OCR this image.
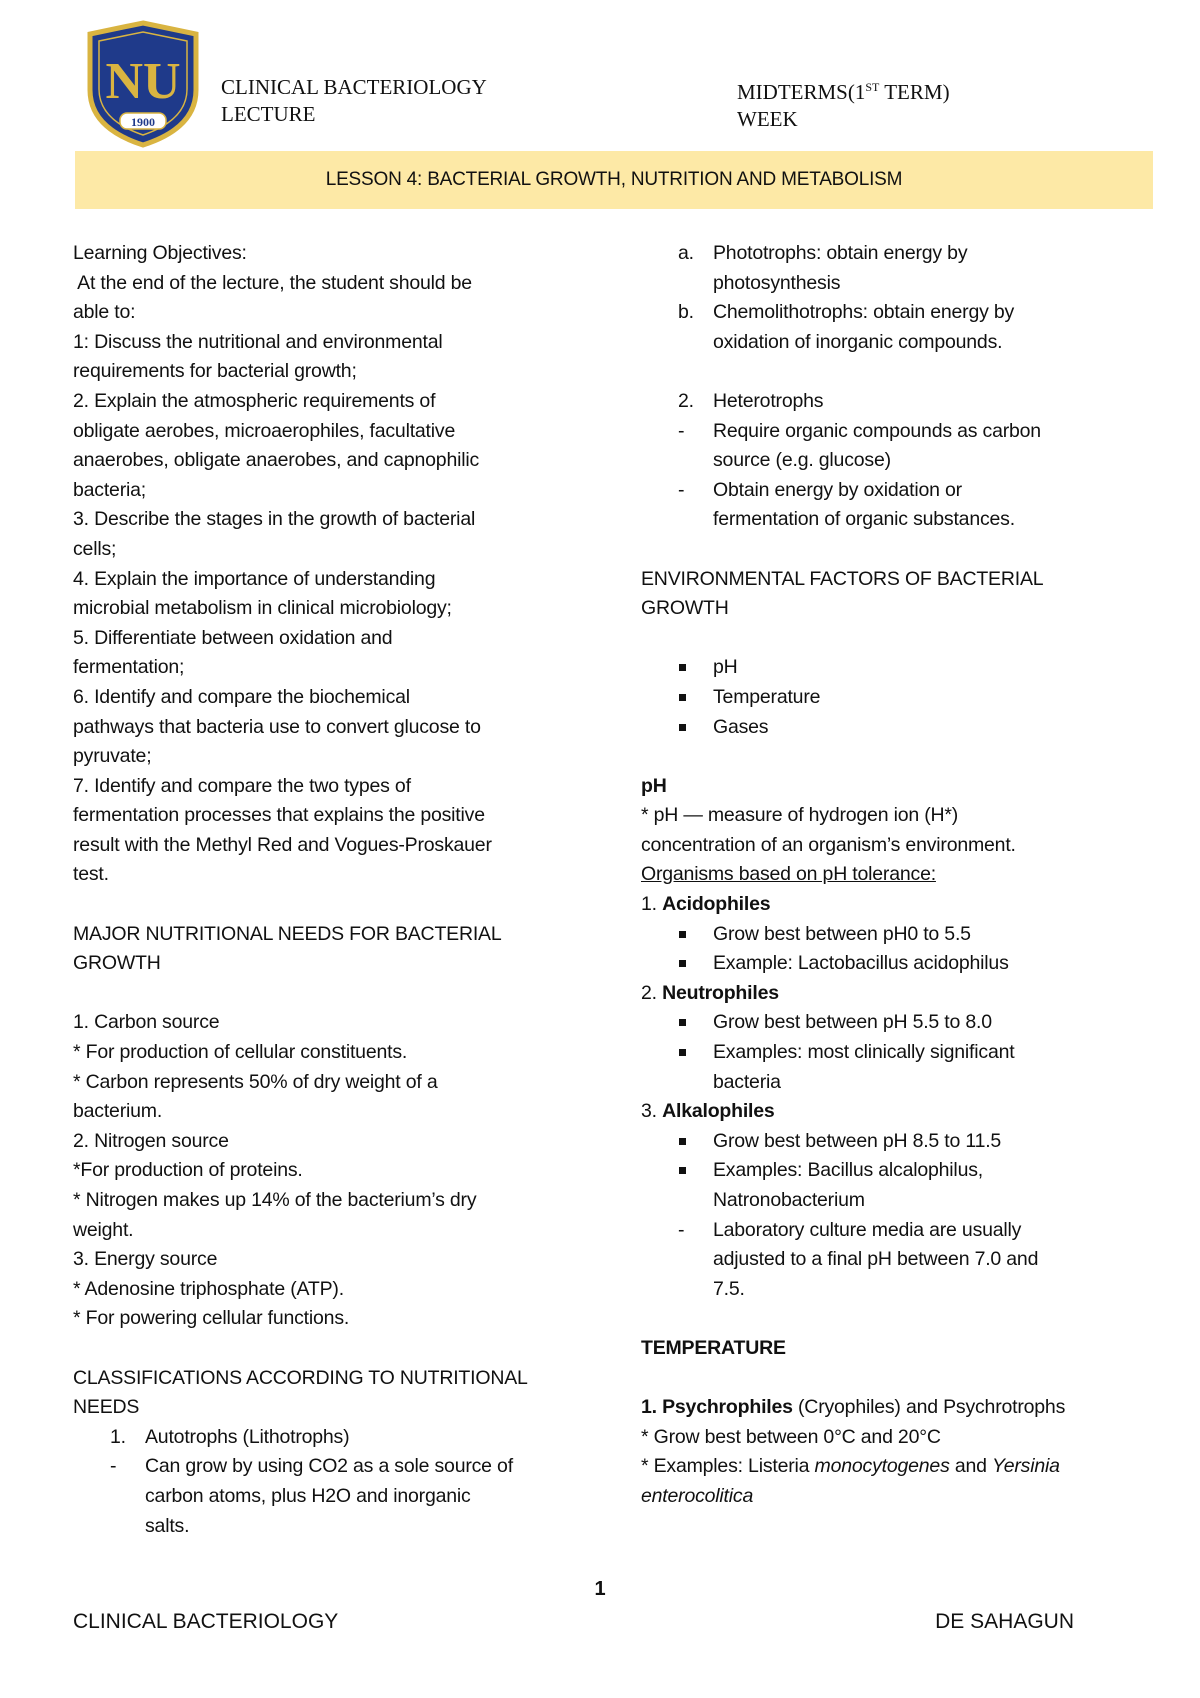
NU
1900
CLINICAL BACTERIOLOGY
LECTURE
MIDTERMS(1ST TERM)
WEEK
LESSON 4: BACTERIAL GROWTH, NUTRITION AND METABOLISM

Learning Objectives:

At the end of the lecture, the student should be

able to:

1: Discuss the nutritional and environmental

requirements for bacterial growth;

2. Explain the atmospheric requirements of

obligate aerobes, microaerophiles, facultative

anaerobes, obligate anaerobes, and capnophilic

bacteria;

3. Describe the stages in the growth of bacterial

cells;

4. Explain the importance of understanding

microbial metabolism in clinical microbiology;

5. Differentiate between oxidation and

fermentation;

6. Identify and compare the biochemical

pathways that bacteria use to convert glucose to

pyruvate;

7. Identify and compare the two types of

fermentation processes that explains the positive

result with the Methyl Red and Vogues-Proskauer

test.

MAJOR NUTRITIONAL NEEDS FOR BACTERIAL

GROWTH

1. Carbon source

* For production of cellular constituents.

* Carbon represents 50% of dry weight of a

bacterium.

2. Nitrogen source

*For production of proteins.

* Nitrogen makes up 14% of the bacterium’s dry

weight.

3. Energy source

* Adenosine triphosphate (ATP).

* For powering cellular functions.

CLASSIFICATIONS ACCORDING TO NUTRITIONAL

NEEDS

1. Autotrophs (Lithotrophs)
- Can grow by using CO2 as a sole source of
carbon atoms, plus H2O and inorganic
salts.
a. Phototrophs: obtain energy by
photosynthesis
b. Chemolithotrophs: obtain energy by
oxidation of inorganic compounds.
2. Heterotrophs
- Require organic compounds as carbon
source (e.g. glucose)
- Obtain energy by oxidation or
fermentation of organic substances.

ENVIRONMENTAL FACTORS OF BACTERIAL

GROWTH

pH
Temperature
Gases

pH

* pH — measure of hydrogen ion (H*)

concentration of an organism’s environment.

Organisms based on pH tolerance:

1. Acidophiles

Grow best between pH0 to 5.5
Example: Lactobacillus acidophilus

2. Neutrophiles

Grow best between pH 5.5 to 8.0
Examples: most clinically significant
bacteria

3. Alkalophiles

Grow best between pH 8.5 to 11.5
Examples: Bacillus alcalophilus,
Natronobacterium
- Laboratory culture media are usually
adjusted to a final pH between 7.0 and
7.5.

TEMPERATURE

1. Psychrophiles (Cryophiles) and Psychrotrophs

* Grow best between 0°C and 20°C

* Examples: Listeria monocytogenes and Yersinia

enterocolitica

1
CLINICAL BACTERIOLOGY	DE SAHAGUN
